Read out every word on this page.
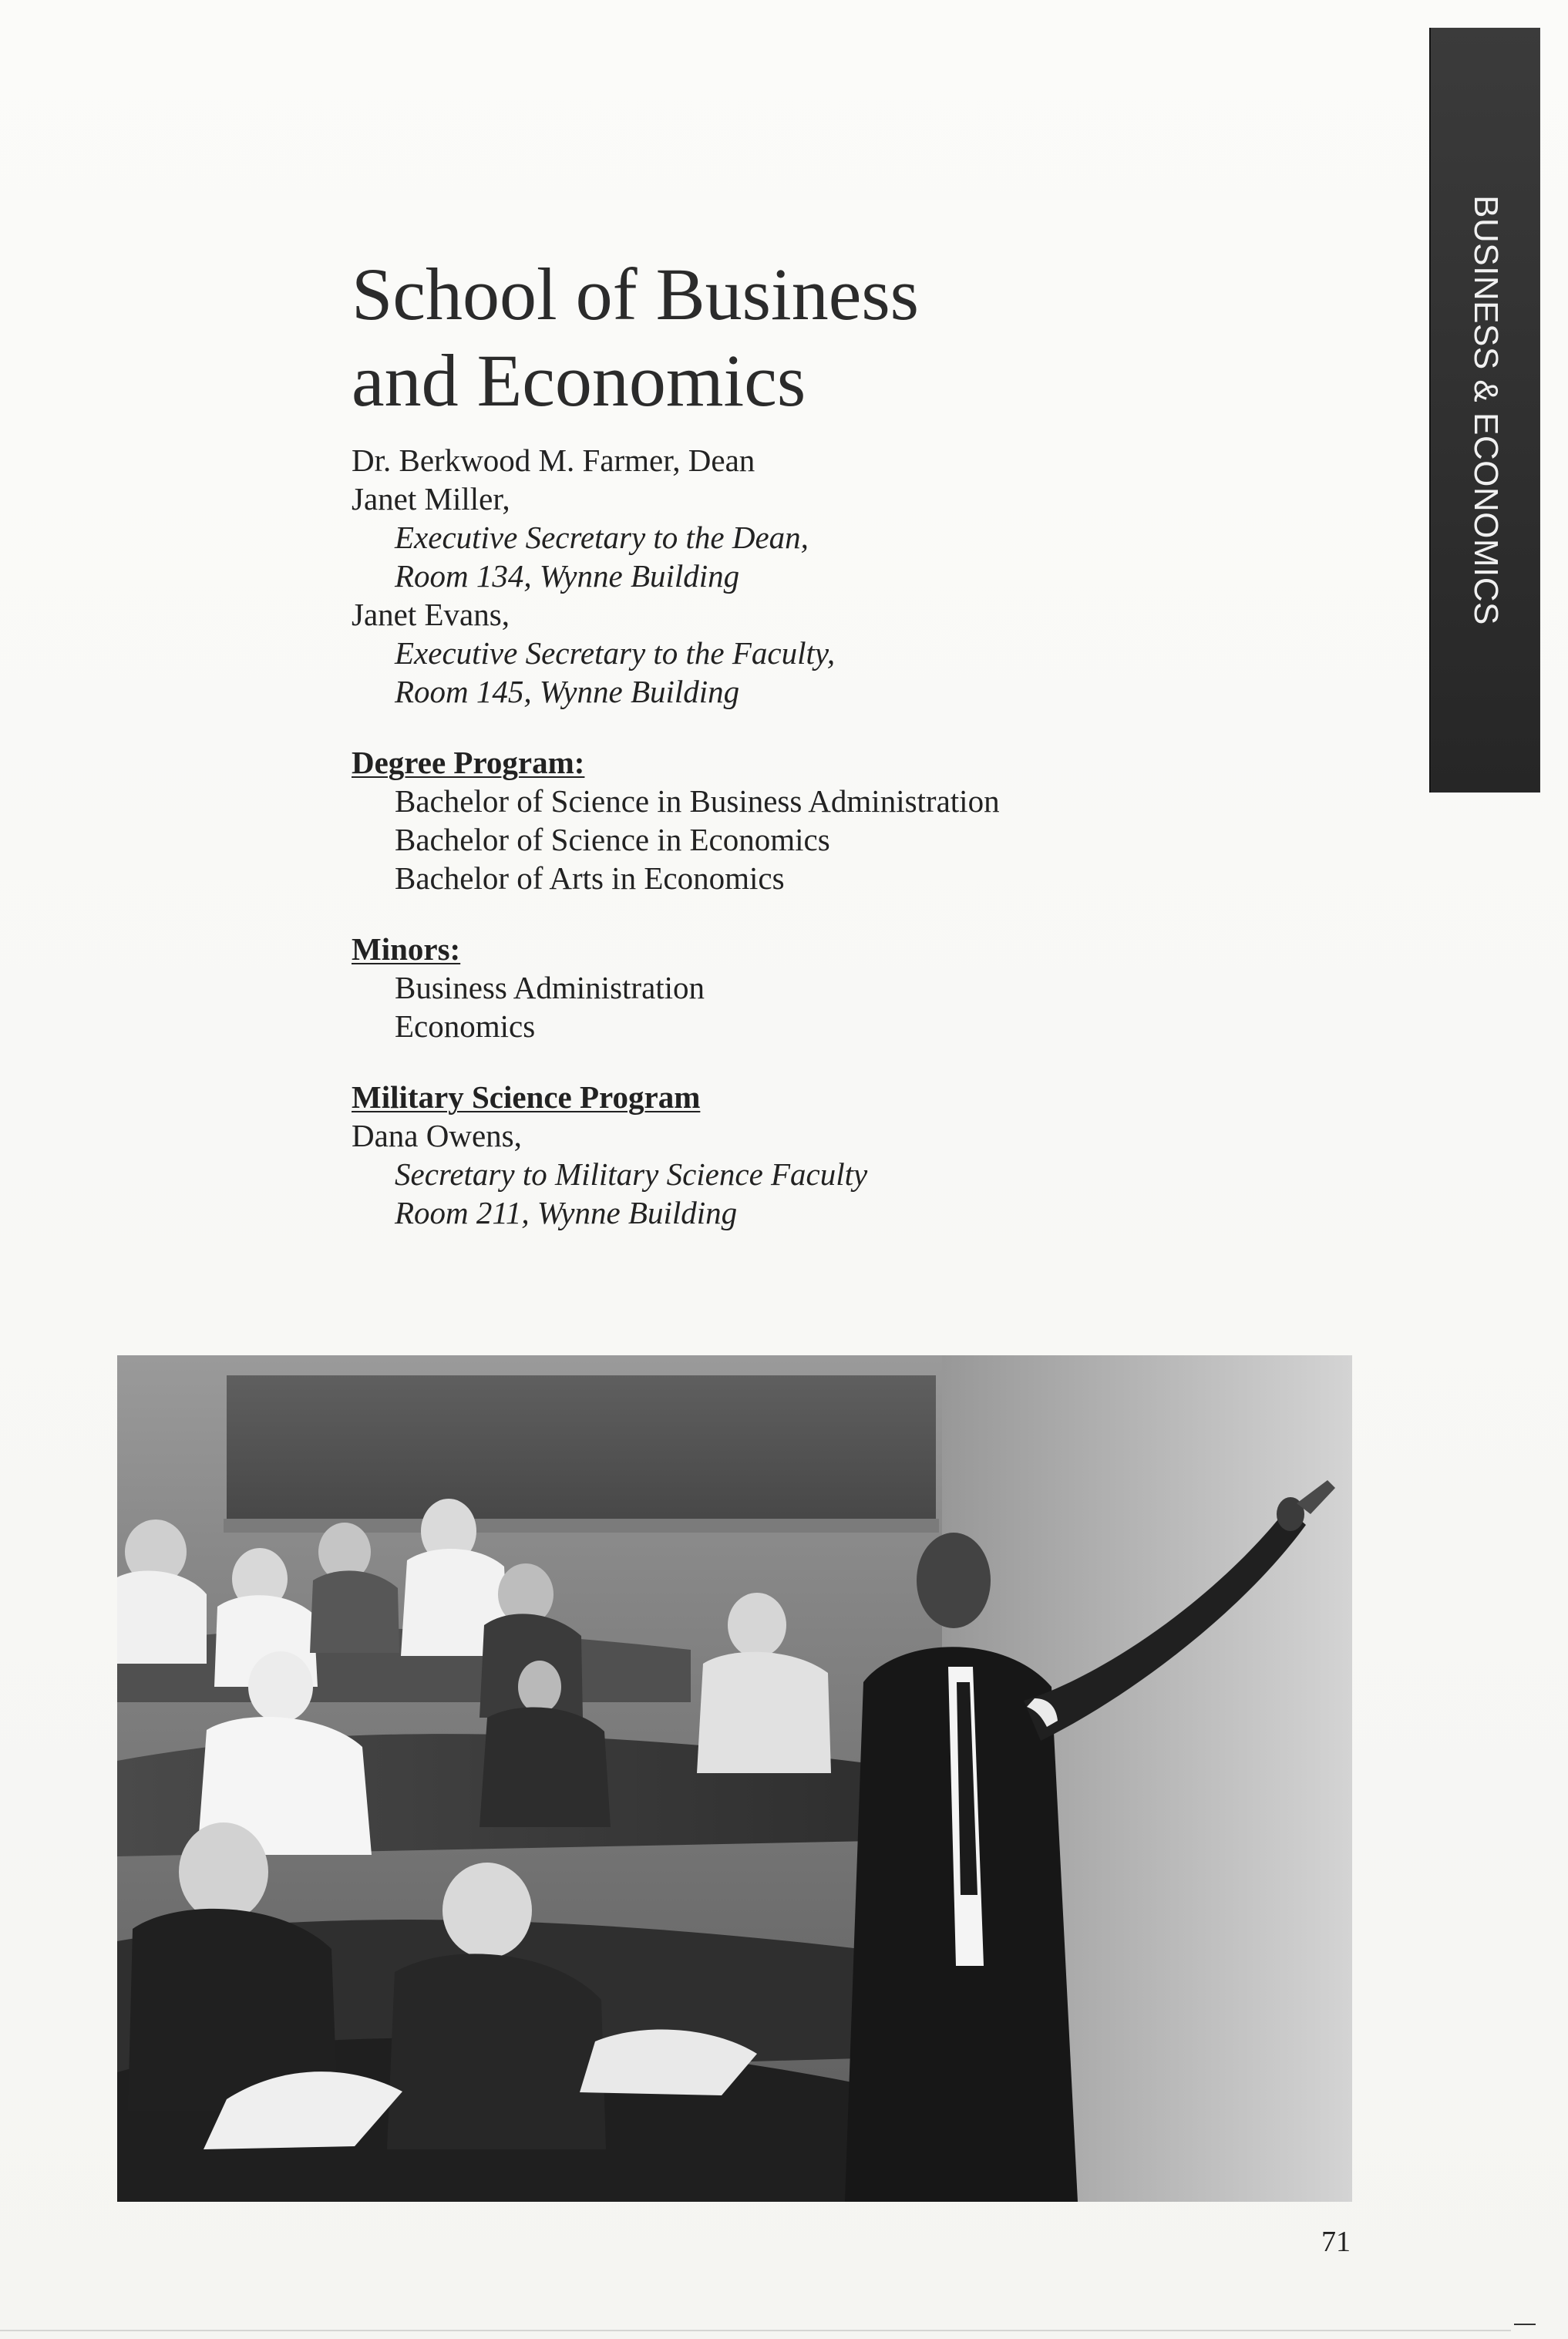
BUSINESS & ECONOMICS
School of Business
and Economics
Dr. Berkwood M. Farmer, Dean
Janet Miller,
Executive Secretary to the Dean,
Room 134, Wynne Building
Janet Evans,
Executive Secretary to the Faculty,
Room 145, Wynne Building
Degree Program:
Bachelor of Science in Business Administration
Bachelor of Science in Economics
Bachelor of Arts in Economics
Minors:
Business Administration
Economics
Military Science Program
Dana Owens,
Secretary to Military Science Faculty
Room 211, Wynne Building
71
